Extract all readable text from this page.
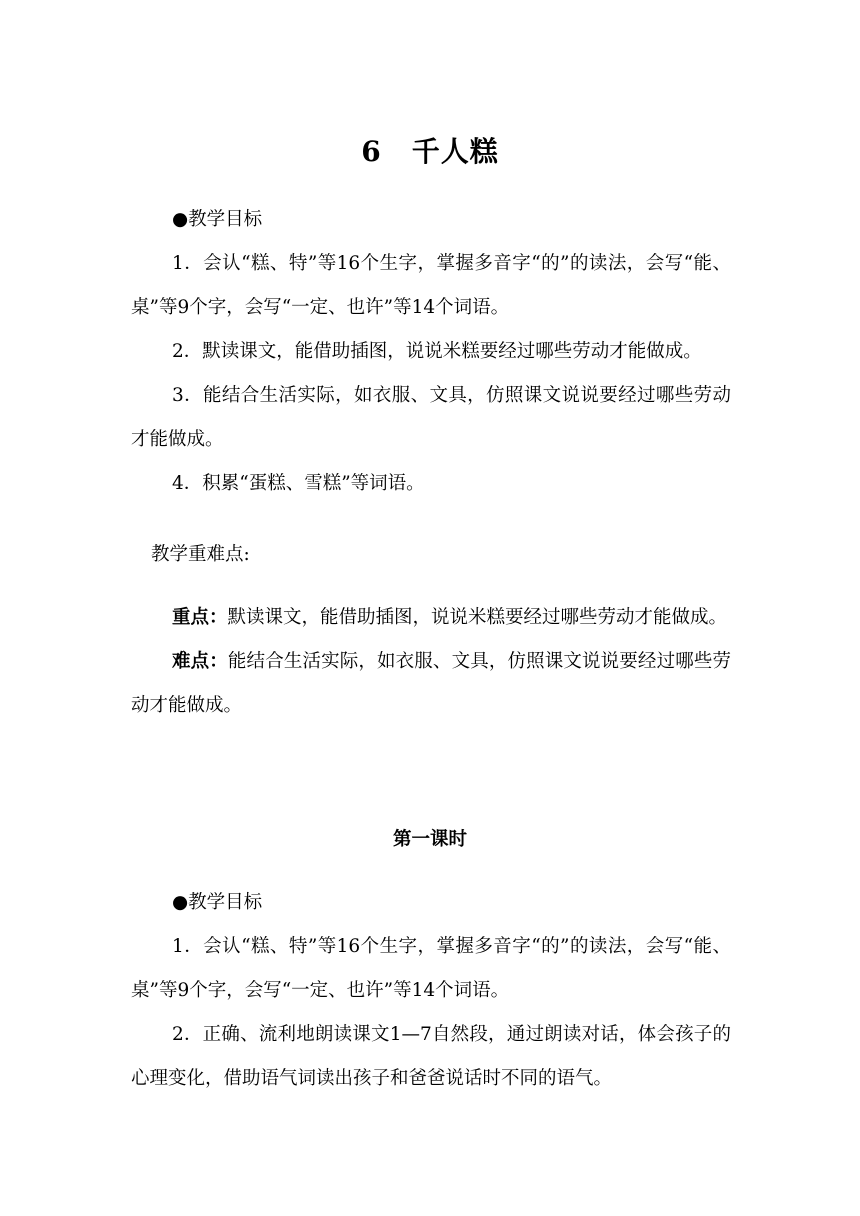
6 千人糕

●教学目标

1．会认“糕、特”等16个生字，掌握多音字“的”的读法，会写“能、桌”等9个字，会写“一定、也许”等14个词语。

2．默读课文，能借助插图，说说米糕要经过哪些劳动才能做成。

3．能结合生活实际，如衣服、文具，仿照课文说说要经过哪些劳动才能做成。

4．积累“蛋糕、雪糕”等词语。

教学重难点:

重点：默读课文，能借助插图，说说米糕要经过哪些劳动才能做成。

难点：能结合生活实际，如衣服、文具，仿照课文说说要经过哪些劳动才能做成。

第一课时

●教学目标

1．会认“糕、特”等16个生字，掌握多音字“的”的读法，会写“能、桌”等9个字，会写“一定、也许”等14个词语。

2．正确、流利地朗读课文1—7自然段，通过朗读对话，体会孩子的心理变化，借助语气词读出孩子和爸爸说话时不同的语气。
